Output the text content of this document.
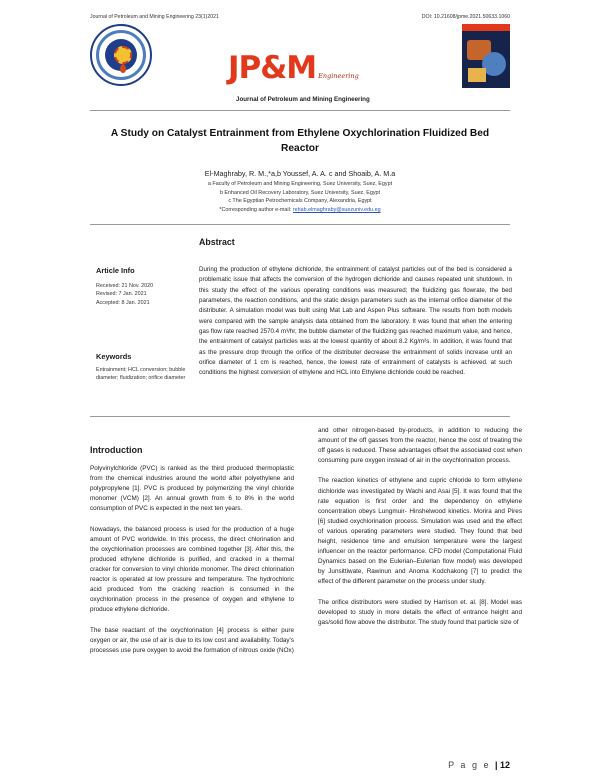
Journal of Petroleum and Mining Engineering 23(1)2021	DOI: 10.21608/jpme.2021.50633.1060
JP&M Engineering
Journal of Petroleum and Mining Engineering
A Study on Catalyst Entrainment from Ethylene Oxychlorination Fluidized Bed
Reactor
El-Maghraby, R. M.,*a,b Youssef, A. A. c and Shoaib, A. M.a
a Faculty of Petroleum and Mining Engineering, Suez University, Suez, Egypt
b Enhanced Oil Recovery Laboratory, Suez University, Suez, Egypt
c The Egyptian Petrochemicals Company, Alexandria, Egypt
*Corresponding author e-mail: rehab.elmaghraby@suezuniv.edu.eg
Abstract
Article Info
Received: 21 Nov. 2020
Revised: 7 Jan. 2021
Accepted: 8 Jan. 2021
Keywords
Entrainment; HCL conversion; bubble diameter; fluidization; orifice diameter
During the production of ethylene dichloride, the entrainment of catalyst particles out of the bed is considered a problematic issue that affects the conversion of the hydrogen dichloride and causes repeated unit shutdown. In this study the effect of the various operating conditions was measured; the fluidizing gas flowrate, the bed parameters, the reaction conditions, and the static design parameters such as the internal orifice diameter of the distributer. A simulation model was built using Mat Lab and Aspen Plus software. The results from both models were compared with the sample analysis data obtained from the laboratory. It was found that when the entering gas flow rate reached 2570.4 m³/hr, the bubble diameter of the fluidizing gas reached maximum value, and hence, the entrainment of catalyst particles was at the lowest quantity of about 8.2 Kg/m²s. In addition, it was found that as the pressure drop through the orifice of the distributer decrease the entrainment of solids increase until an orifice diameter of 1 cm is reached, hence, the lowest rate of entrainment of catalysts is achieved. at such conditions the highest conversion of ethylene and HCL into Ethylene dichloride could be reached.
Introduction

Polyvinylchloride (PVC) is ranked as the third produced thermoplastic from the chemical industries around the world after polyethylene and polypropylene [1]. PVC is produced by polymerizing the vinyl chloride monomer (VCM) [2]. An annual growth from 6 to 8% in the world consumption of PVC is expected in the next ten years.

Nowadays, the balanced process is used for the production of a huge amount of PVC worldwide. In this process, the direct chlorination and the oxychlorination processes are combined together [3]. After this, the produced ethylene dichloride is purified, and cracked in a thermal cracker for conversion to vinyl chloride monomer. The direct chlorination reactor is operated at low pressure and temperature. The hydrochloric acid produced from the cracking reaction is consumed in the oxychlorination process in the presence of oxygen and ethylene to produce ethylene dichloride.

The base reactant of the oxychlorination [4] process is either pure oxygen or air, the use of air is due to its low cost and availability. Today's processes use pure oxygen to avoid the formation of nitrous oxide (NOx)

and other nitrogen-based by-products, in addition to reducing the amount of the off gasses from the reactor, hence the cost of treating the off gases is reduced. These advantages offset the associated cost when consuming pure oxygen instead of air in the oxychlorination process.

The reaction kinetics of ethylene and cupric chloride to form ethylene dichloride was investigated by Wachi and Asai [5]. It was found that the rate equation is first order and the dependency on ethylene concentration obeys Lungmuir- Hinshelwood kinetics. Morira and Pires [6] studied oxychlorination process. Simulation was used and the effect of various operating parameters were studied. They found that bed height, residence time and emulsion temperature were the largest influencer on the reactor performance. CFD model (Computational Fluid Dynamics based on the Eulerian–Eulerian flow model) was developed by Junsittiwate, Rawinun and Anoma Kodchakong [7] to predict the effect of the different parameter on the process under study.

The orifice distributors were studied by Harrison et. al. [8]. Model was developed to study in more details the effect of entrance height and gas/solid flow above the distributor. The study found that particle size of

P a g e | 12
